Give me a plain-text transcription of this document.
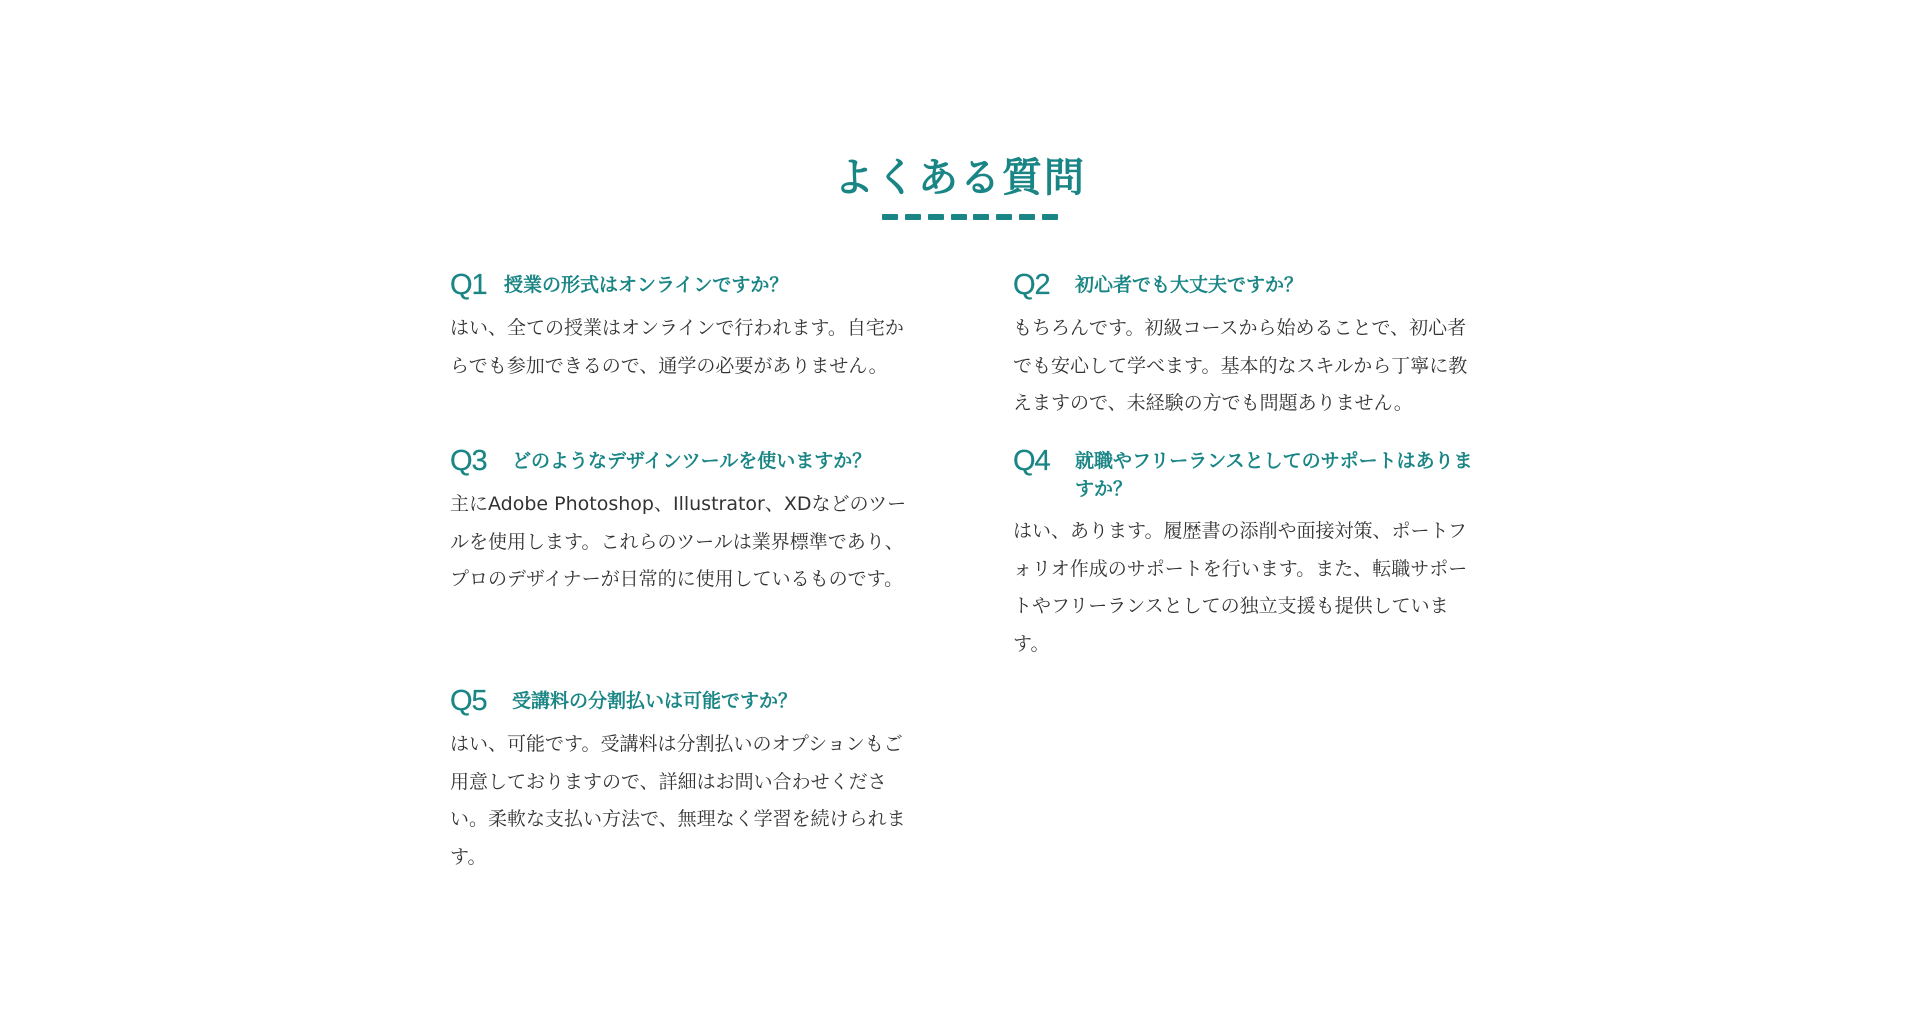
よくある質問
Q1 授業の形式はオンラインですか？

はい、全ての授業はオンラインで行われます。自宅からでも参加できるので、通学の必要がありません。

Q2	初心者でも大丈夫ですか？

もちろんです。初級コースから始めることで、初心者でも安心して学べます。基本的なスキルから丁寧に教えますので、未経験の方でも問題ありません。

Q3	どのようなデザインツールを使いますか？

主にAdobe Photoshop、Illustrator、XDなどのツールを使用します。これらのツールは業界標準であり、プロのデザイナーが日常的に使用しているものです。

Q4	就職やフリーランスとしてのサポートはありますか？

はい、あります。履歴書の添削や面接対策、ポートフォリオ作成のサポートを行います。また、転職サポートやフリーランスとしての独立支援も提供しています。

Q5	受講料の分割払いは可能ですか？

はい、可能です。受講料は分割払いのオプションもご用意しておりますので、詳細はお問い合わせください。柔軟な支払い方法で、無理なく学習を続けられます。
